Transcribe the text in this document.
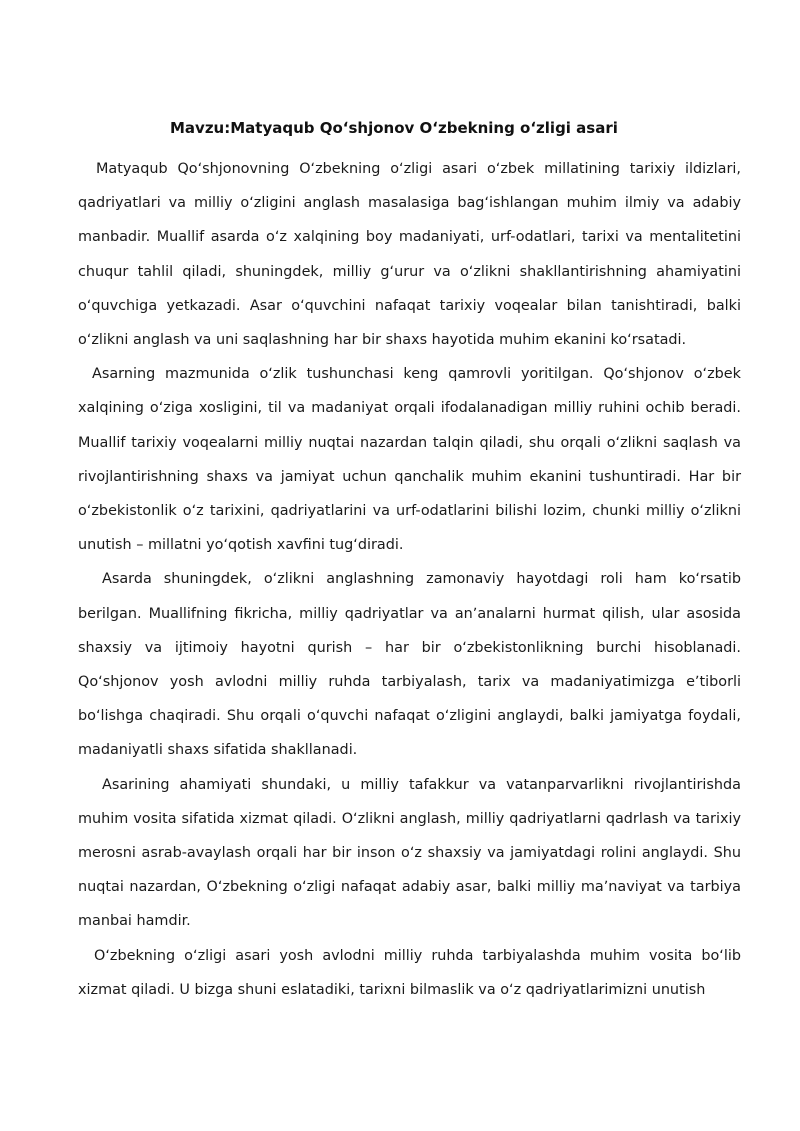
Mavzu:Matyaqub Qoʻshjonov Oʻzbekning oʻzligi asari

Matyaqub Qoʻshjonovning Oʻzbekning oʻzligi asari oʻzbek millatining tarixiy ildizlari, qadriyatlari va milliy oʻzligini anglash masalasiga bagʻishlangan muhim ilmiy va adabiy manbadir. Muallif asarda oʻz xalqining boy madaniyati, urf-odatlari, tarixi va mentalitetini chuqur tahlil qiladi, shuningdek, milliy gʻurur va oʻzlikni shakllantirishning ahamiyatini oʻquvchiga yetkazadi. Asar oʻquvchini nafaqat tarixiy voqealar bilan tanishtiradi, balki oʻzlikni anglash va uni saqlashning har bir shaxs hayotida muhim ekanini koʻrsatadi.

Asarning mazmunida oʻzlik tushunchasi keng qamrovli yoritilgan. Qoʻshjonov oʻzbek xalqining oʻziga xosligini, til va madaniyat orqali ifodalanadigan milliy ruhini ochib beradi. Muallif tarixiy voqealarni milliy nuqtai nazardan talqin qiladi, shu orqali oʻzlikni saqlash va rivojlantirishning shaxs va jamiyat uchun qanchalik muhim ekanini tushuntiradi. Har bir oʻzbekistonlik oʻz tarixini, qadriyatlarini va urf-odatlarini bilishi lozim, chunki milliy oʻzlikni unutish – millatni yoʻqotish xavfini tugʻdiradi.

Asarda shuningdek, oʻzlikni anglashning zamonaviy hayotdagi roli ham koʻrsatib berilgan. Muallifning fikricha, milliy qadriyatlar va anʼanalarni hurmat qilish, ular asosida shaxsiy va ijtimoiy hayotni qurish – har bir oʻzbekistonlikning burchi hisoblanadi. Qoʻshjonov yosh avlodni milliy ruhda tarbiyalash, tarix va madaniyatimizga eʼtiborli boʻlishga chaqiradi. Shu orqali oʻquvchi nafaqat oʻzligini anglaydi, balki jamiyatga foydali, madaniyatli shaxs sifatida shakllanadi.

Asarining ahamiyati shundaki, u milliy tafakkur va vatanparvarlikni rivojlantirishda muhim vosita sifatida xizmat qiladi. Oʻzlikni anglash, milliy qadriyatlarni qadrlash va tarixiy merosni asrab-avaylash orqali har bir inson oʻz shaxsiy va jamiyatdagi rolini anglaydi. Shu nuqtai nazardan, Oʻzbekning oʻzligi nafaqat adabiy asar, balki milliy maʼnaviyat va tarbiya manbai hamdir.

Oʻzbekning oʻzligi asari yosh avlodni milliy ruhda tarbiyalashda muhim vosita boʻlib xizmat qiladi. U bizga shuni eslatadiki, tarixni bilmaslik va oʻz qadriyatlarimizni unutish
